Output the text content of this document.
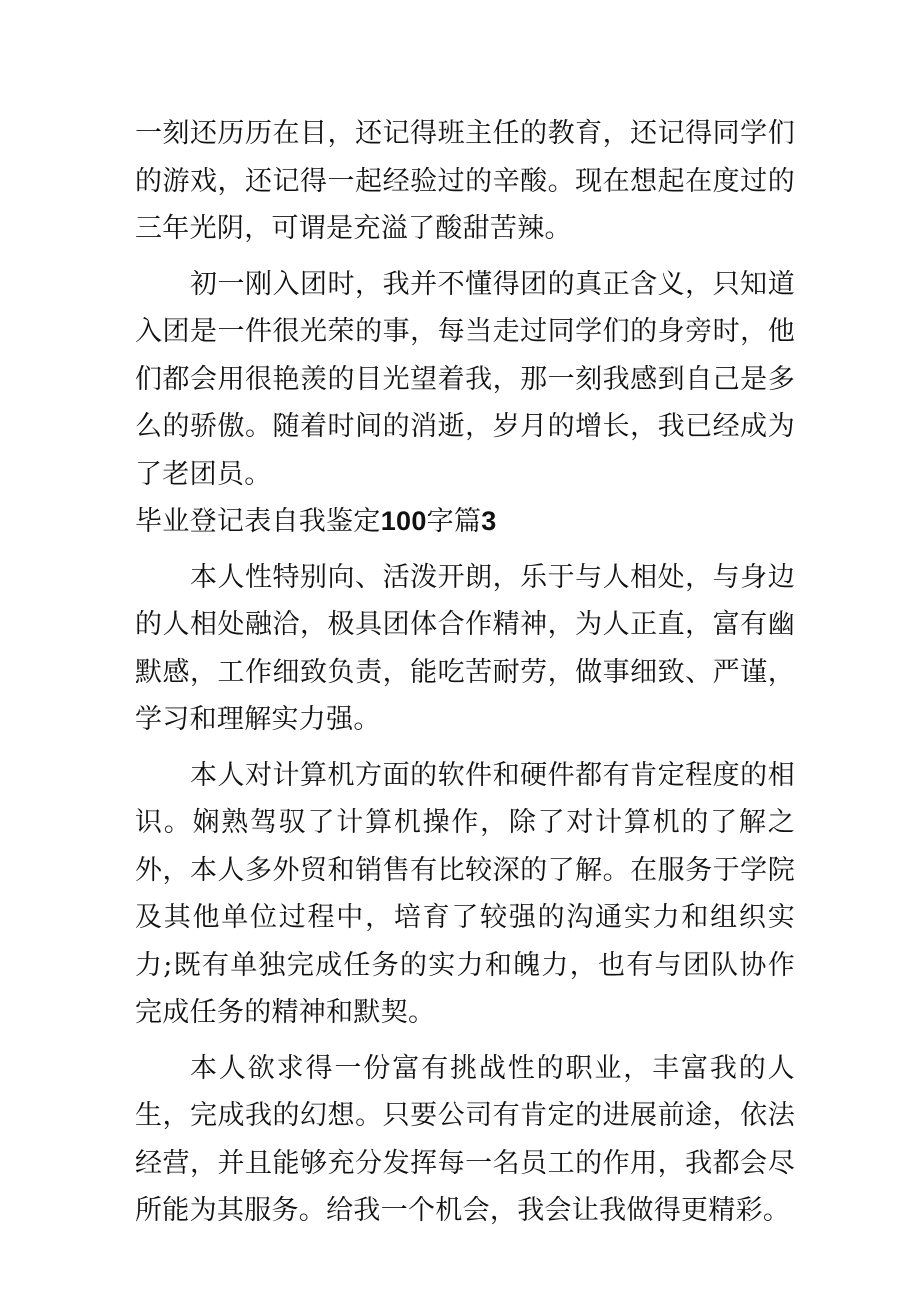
一刻还历历在目，还记得班主任的教育，还记得同学们的游戏，还记得一起经验过的辛酸。现在想起在度过的三年光阴，可谓是充溢了酸甜苦辣。

初一刚入团时，我并不懂得团的真正含义，只知道入团是一件很光荣的事，每当走过同学们的身旁时，他们都会用很艳羡的目光望着我，那一刻我感到自己是多么的骄傲。随着时间的消逝，岁月的增长，我已经成为了老团员。

毕业登记表自我鉴定100字篇3

本人性特别向、活泼开朗，乐于与人相处，与身边的人相处融洽，极具团体合作精神，为人正直，富有幽默感，工作细致负责，能吃苦耐劳，做事细致、严谨，学习和理解实力强。

本人对计算机方面的软件和硬件都有肯定程度的相识。娴熟驾驭了计算机操作，除了对计算机的了解之外，本人多外贸和销售有比较深的了解。在服务于学院及其他单位过程中，培育了较强的沟通实力和组织实力;既有单独完成任务的实力和魄力，也有与团队协作完成任务的精神和默契。

本人欲求得一份富有挑战性的职业，丰富我的人生，完成我的幻想。只要公司有肯定的进展前途，依法经营，并且能够充分发挥每一名员工的作用，我都会尽所能为其服务。给我一个机会，我会让我做得更精彩。
